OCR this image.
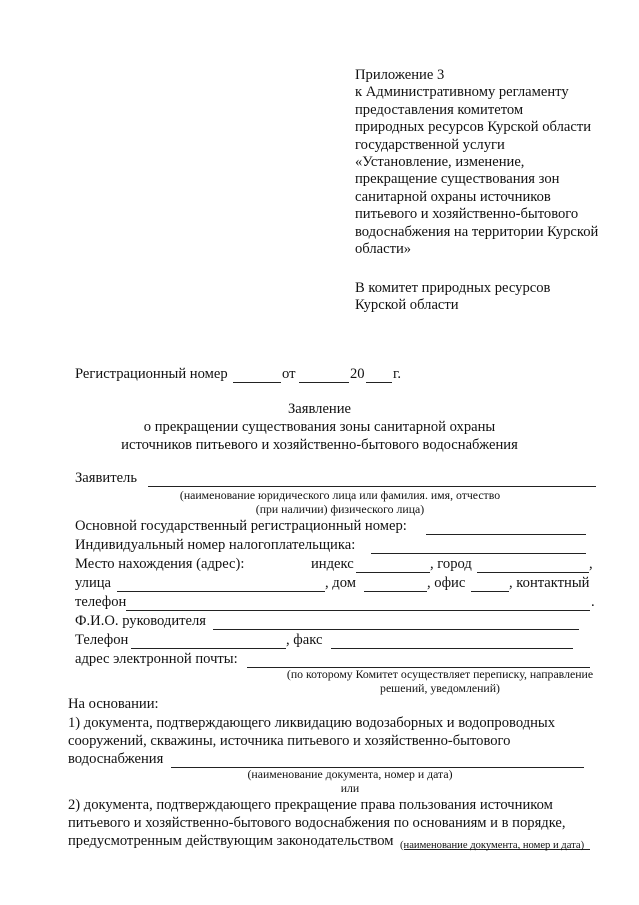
Приложение 3
к Административному регламенту
предоставления комитетом
природных ресурсов Курской области
государственной услуги
«Установление, изменение,
прекращение существования зон
санитарной охраны источников
питьевого и хозяйственно-бытового
водоснабжения на территории Курской
области»
В комитет природных ресурсов
Курской области
Регистрационный номер	от	20 г.
Заявление
о прекращении существования зоны санитарной охраны
источников питьевого и хозяйственно-бытового водоснабжения
Заявитель
(наименование юридического лица или фамилия. имя, отчество
(при наличии) физического лица)
Основной государственный регистрационный номер:
Индивидуальный номер налогоплательщика:
Место нахождения (адрес):	индекс	, город	,
улица	, дом	, офис	, контактный
телефон	.
Ф.И.О. руководителя
Телефон	, факс
адрес электронной почты:
(по которому Комитет осуществляет переписку, направление
решений, уведомлений)
На основании:
1) документа, подтверждающего ликвидацию водозаборных и водопроводных
сооружений, скважины, источника питьевого и хозяйственно-бытового
водоснабжения
(наименование документа, номер и дата)
или
2) документа, подтверждающего прекращение права пользования источником
питьевого и хозяйственно-бытового водоснабжения по основаниям и в порядке,
предусмотренным действующим законодательством (наименование документа, номер и дата)
